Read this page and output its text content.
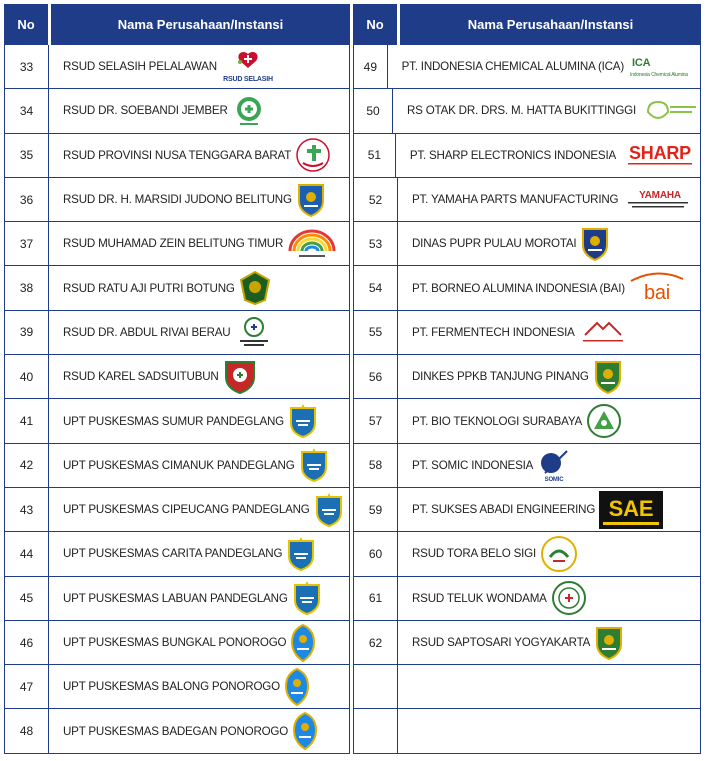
No	Nama Perusahaan/Instansi
33	RSUD SELASIH PELALAWAN
RSUD SELASIH
34	RSUD DR. SOEBANDI JEMBER
35	RSUD PROVINSI NUSA TENGGARA BARAT
36	RSUD DR. H. MARSIDI JUDONO BELITUNG
37	RSUD MUHAMAD ZEIN BELITUNG TIMUR
38	RSUD RATU AJI PUTRI BOTUNG
39	RSUD DR. ABDUL RIVAI BERAU
40	RSUD KAREL SADSUITUBUN
41	UPT PUSKESMAS SUMUR PANDEGLANG
42	UPT PUSKESMAS CIMANUK PANDEGLANG
43	UPT PUSKESMAS CIPEUCANG PANDEGLANG
44	UPT PUSKESMAS CARITA PANDEGLANG
45	UPT PUSKESMAS LABUAN PANDEGLANG
46	UPT PUSKESMAS BUNGKAL PONOROGO
47	UPT PUSKESMAS BALONG PONOROGO
48	UPT PUSKESMAS BADEGAN PONOROGO
No	Nama Perusahaan/Instansi
49	PT. INDONESIA CHEMICAL ALUMINA (ICA) ICA
Indonesia Chemical Alumina
50	RS OTAK DR. DRS. M. HATTA BUKITTINGGI
51	PT. SHARP ELECTRONICS INDONESIA SHARP
52	PT. YAMAHA PARTS MANUFACTURING YAMAHA
53	DINAS PUPR PULAU MOROTAI
54	PT. BORNEO ALUMINA INDONESIA (BAI) bai
55	PT. FERMENTECH INDONESIA
56	DINKES PPKB TANJUNG PINANG
57	PT. BIO TEKNOLOGI SURABAYA
58	PT. SOMIC INDONESIA
SOMIC
59	PT. SUKSES ABADI ENGINEERING SAE
60	RSUD TORA BELO SIGI
61	RSUD TELUK WONDAMA
62	RSUD SAPTOSARI YOGYAKARTA
